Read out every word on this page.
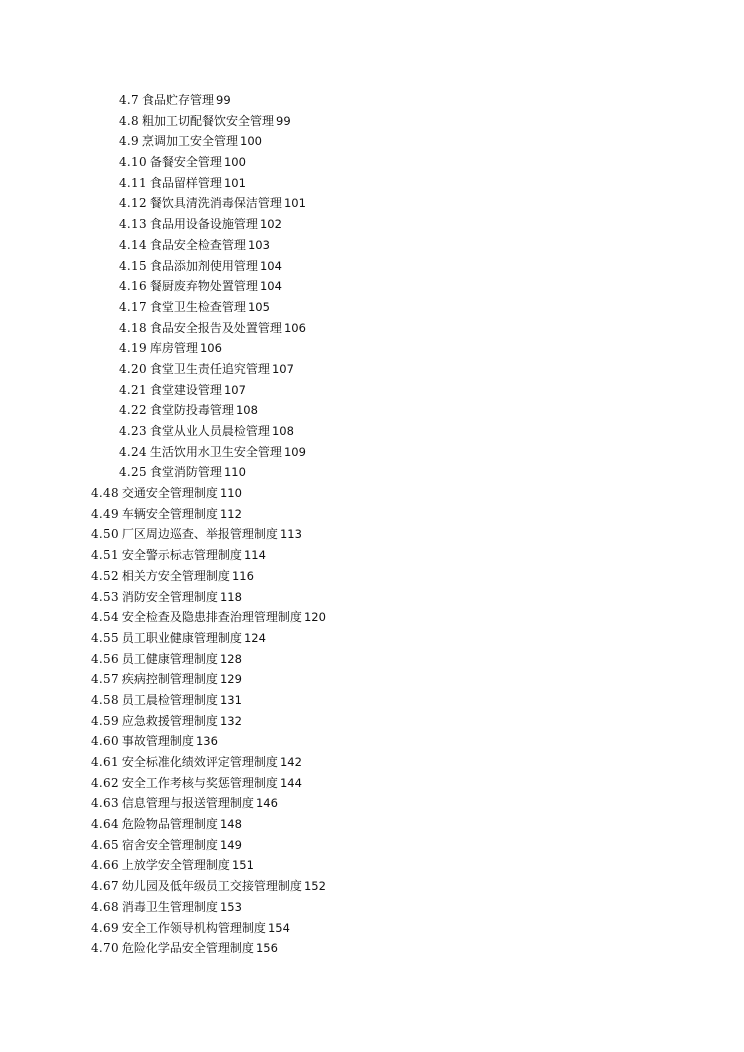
4.7 食品贮存管理 99
4.8 粗加工切配餐饮安全管理 99
4.9 烹调加工安全管理 100
4.10 备餐安全管理 100
4.11 食品留样管理 101
4.12 餐饮具清洗消毒保洁管理 101
4.13 食品用设备设施管理 102
4.14 食品安全检查管理 103
4.15 食品添加剂使用管理 104
4.16 餐厨废弃物处置管理 104
4.17 食堂卫生检查管理 105
4.18 食品安全报告及处置管理 106
4.19 库房管理 106
4.20 食堂卫生责任追究管理 107
4.21 食堂建设管理 107
4.22 食堂防投毒管理 108
4.23 食堂从业人员晨检管理 108
4.24 生活饮用水卫生安全管理 109
4.25 食堂消防管理 110
4.48 交通安全管理制度 110
4.49 车辆安全管理制度 112
4.50 厂区周边巡查、举报管理制度 113
4.51 安全警示标志管理制度 114
4.52 相关方安全管理制度 116
4.53 消防安全管理制度 118
4.54 安全检查及隐患排查治理管理制度 120
4.55 员工职业健康管理制度 124
4.56 员工健康管理制度 128
4.57 疾病控制管理制度 129
4.58 员工晨检管理制度 131
4.59 应急救援管理制度 132
4.60 事故管理制度 136
4.61 安全标准化绩效评定管理制度 142
4.62 安全工作考核与奖惩管理制度 144
4.63 信息管理与报送管理制度 146
4.64 危险物品管理制度 148
4.65 宿舍安全管理制度 149
4.66 上放学安全管理制度 151
4.67 幼儿园及低年级员工交接管理制度 152
4.68 消毒卫生管理制度 153
4.69 安全工作领导机构管理制度 154
4.70 危险化学品安全管理制度 156
